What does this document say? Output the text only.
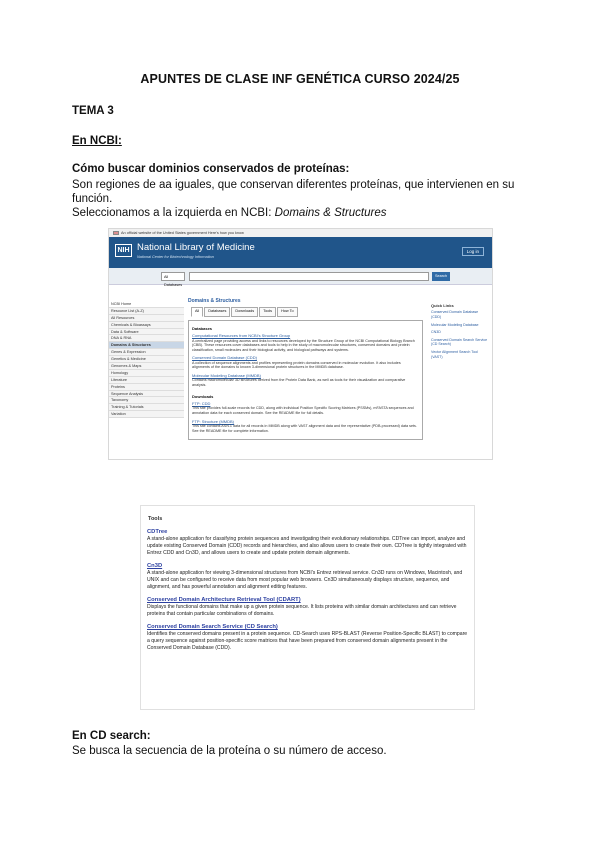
APUNTES DE CLASE INF GENÉTICA CURSO 2024/25
TEMA 3
En NCBI:
Cómo buscar dominios conservados de proteínas:
Son regiones de aa iguales, que conservan diferentes proteínas, que intervienen en su función.
Seleccionamos a la izquierda en NCBI: Domains & Structures
An official website of the United States government Here's how you know
NIH National Library of Medicine
National Center for Biotechnology Information
Log in
All Databases
Search
NCBI Home
Resource List (A-Z)
All Resources
Chemicals & Bioassays
Data & Software
DNA & RNA
Domains & Structures
Genes & Expression
Genetics & Medicine
Genomes & Maps
Homology
Literature
Proteins
Sequence Analysis
Taxonomy
Training & Tutorials
Variation
Domains & Structures
All	Databases	Downloads	Tools	How To
Databases
Computational Resources from NCBI's Structure Group
A centralized page providing access and links to resources developed by the Structure Group of the NCBI Computational Biology Branch (CBB). These resources cover databases and tools to help in the study of macromolecular structures, conserved domains and protein classification, small molecules and their biological activity, and biological pathways and systems.
Conserved Domain Database (CDD)
A collection of sequence alignments and profiles representing protein domains conserved in molecular evolution. It also includes alignments of the domains to known 3-dimensional protein structures in the MMDB database.
Molecular Modeling Database (MMDB)
Contains macromolecular 3D structures derived from the Protein Data Bank, as well as tools for their visualization and comparative analysis.
Downloads
FTP: CDD
This site provides full-scale records for CDD, along with individual Position Specific Scoring Matrices (PSSMs), mFASTA sequences and annotation data for each conserved domain. See the README file for full details.
FTP: Structure (MMDB)
This site contains ASN.1 data for all records in MMDB along with VAST alignment data and the representative (PDB-processed) data sets. See the README file for complete information.
Quick Links
Conserved Domain Database (CDD)
Molecular Modeling Database
CN3D
Conserved Domain Search Service (CD Search)
Vector Alignment Search Tool (VAST)
Tools
CDTree
A stand-alone application for classifying protein sequences and investigating their evolutionary relationships. CDTree can import, analyze and update existing Conserved Domain (CDD) records and hierarchies, and also allows users to create their own. CDTree is tightly integrated with Entrez CDD and Cn3D, and allows users to create and update protein domain alignments.
Cn3D
A stand-alone application for viewing 3-dimensional structures from NCBI's Entrez retrieval service. Cn3D runs on Windows, Macintosh, and UNIX and can be configured to receive data from most popular web browsers. Cn3D simultaneously displays structure, sequence, and alignment, and has powerful annotation and alignment editing features.
Conserved Domain Architecture Retrieval Tool (CDART)
Displays the functional domains that make up a given protein sequence. It lists proteins with similar domain architectures and can retrieve proteins that contain particular combinations of domains.
Conserved Domain Search Service (CD Search)
Identifies the conserved domains present in a protein sequence. CD-Search uses RPS-BLAST (Reverse Position-Specific BLAST) to compare a query sequence against position-specific score matrices that have been prepared from conserved domain alignments present in the Conserved Domain Database (CDD).
En CD search:
Se busca la secuencia de la proteína o su número de acceso.
